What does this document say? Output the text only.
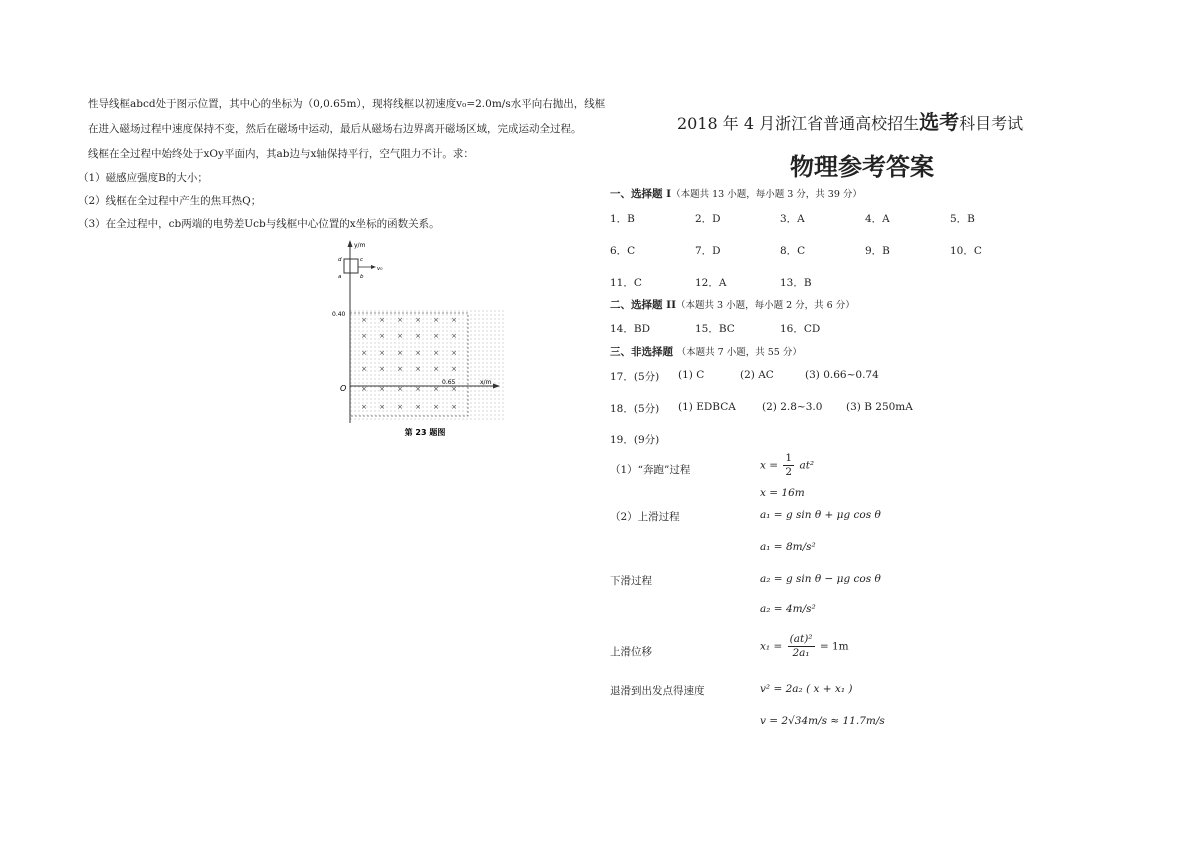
性导线框abcd处于图示位置，其中心的坐标为（0,0.65m），现将线框以初速度v₀=2.0m/s水平向右抛出，线框
在进入磁场过程中速度保持不变，然后在磁场中运动，最后从磁场右边界离开磁场区域，完成运动全过程。
线框在全过程中始终处于xOy平面内，其ab边与x轴保持平行，空气阻力不计。求：
（1）磁感应强度B的大小；
（2）线框在全过程中产生的焦耳热Q；
（3）在全过程中，cb两端的电势差Ucb与线框中心位置的x坐标的函数关系。
y/m
x/m
0.40
0.65
O
d	c
a	b
v₀
× × × × × ×
× × × × × ×
× × × × × ×
× × × × × ×
× × × × × ×
× × × × × ×
第 23 题图
2018 年 4 月浙江省普通高校招生选考科目考试
物理参考答案
一、选择题 I（本题共 13 小题，每小题 3 分，共 39 分）
1．B	2．D	3．A	4．A	5．B
6．C	7．D	8．C	9．B	10．C
11．C	12．A	13．B
二、选择题 II（本题共 3 小题，每小题 2 分，共 6 分）
14．BD	15．BC	16．CD
三、非选择题 （本题共 7 小题，共 55 分）
17．(5分) (1) C	(2) AC	(3) 0.66~0.74
18．(5分) (1) EDBCA (2) 2.8~3.0 (3) B 250mA
19．(9分)
（1）“奔跑”过程	$x = \frac{1}{2} at^2$
x = 16m
（2）上滑过程	a₁ = g sin θ + μg cos θ
a₁ = 8m/s²
下滑过程	a₂ = g sin θ − μg cos θ
a₂ = 4m/s²
上滑位移	$x_1 = \frac{\text{(at)²}}{\text{2a₁}} = 1m$
退滑到出发点得速度	v² = 2a₂ ( x + x₁ )
v = 2√34m/s ≈ 11.7m/s
